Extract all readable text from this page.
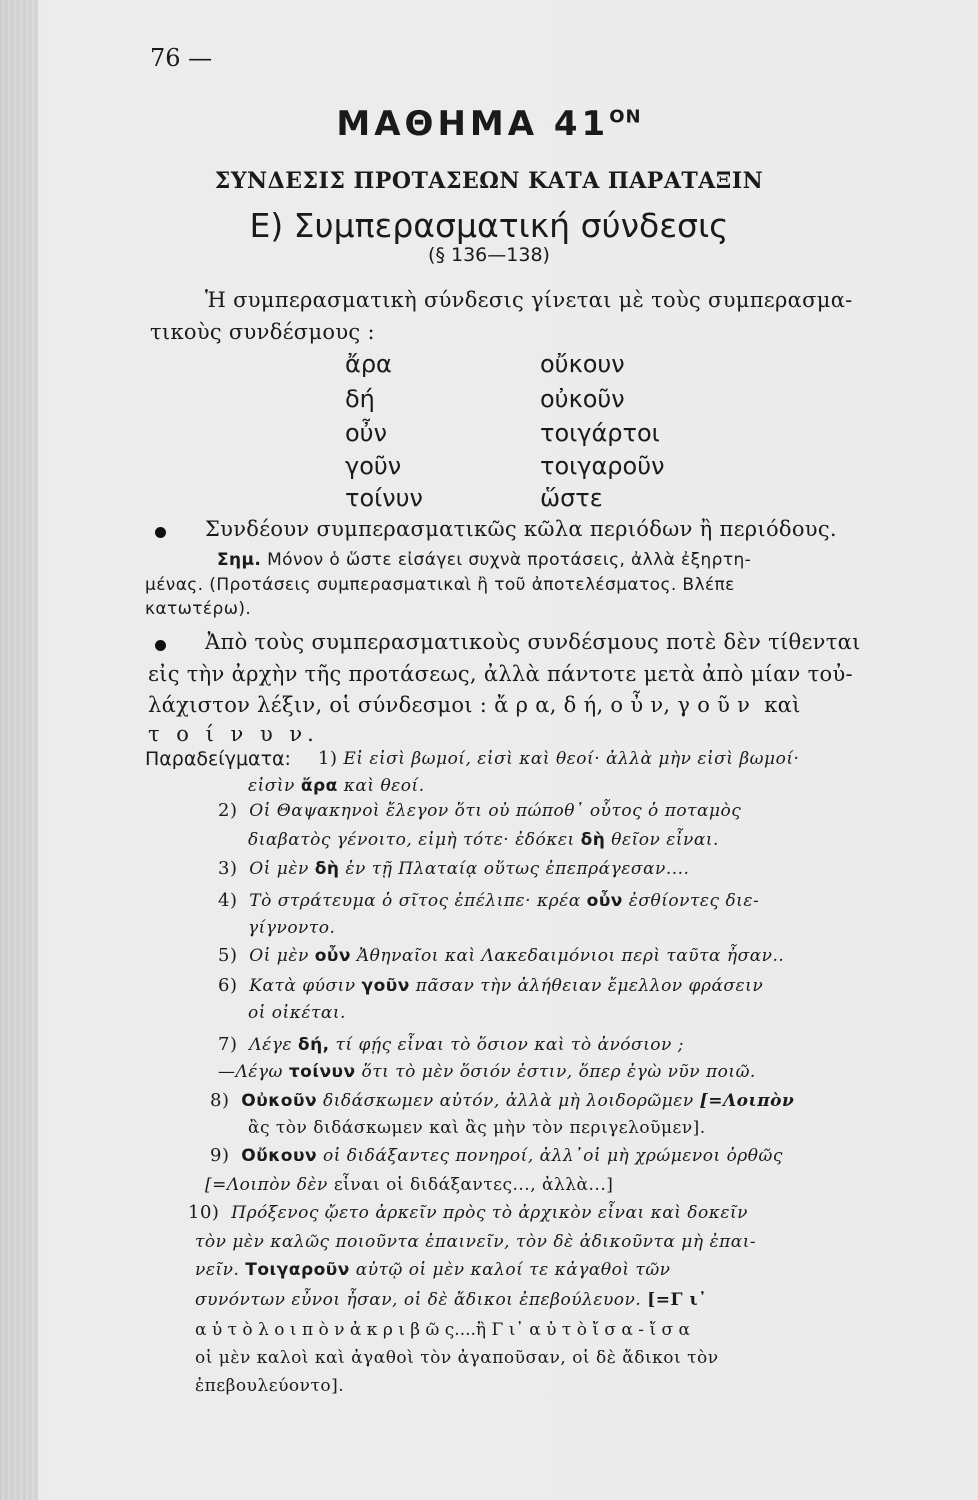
76 —
ΜΑΘΗΜΑ $41^{ON}$
ΣΥΝΔΕΣΙΣ ΠΡΟΤΑΣΕΩΝ ΚΑΤΑ ΠΑΡΑΤΑΞΙΝ
Ε) Συμπερασματική σύνδεσις
(§ 136—138)
Ἡ συμπερασματικὴ σύνδεσις γίνεται μὲ τοὺς συμπερασμα-
τικοὺς συνδέσμους :
ἄρα
δή
οὖν
γοῦν
τοίνυν
οὔκουν
οὐκοῦν
τοιγάρτοι
τοιγαροῦν
ὥστε
Συνδέουν συμπερασματικῶς κῶλα περιόδων ἢ περιόδους.
Σημ. Μόνον ὁ ὥστε εἰσάγει συχνὰ προτάσεις, ἀλλὰ ἐξηρτη-
μένας. (Προτάσεις συμπερασματικαὶ ἢ τοῦ ἀποτελέσματος. Βλέπε
κατωτέρω).
Ἀπὸ τοὺς συμπερασματικοὺς συνδέσμους ποτὲ δὲν τίθενται
εἰς τὴν ἀρχὴν τῆς προτάσεως, ἀλλὰ πάντοτε μετὰ ἀπὸ μίαν τοὐ-
λάχιστον λέξιν, οἱ σύνδεσμοι : ἄ ρ α, δ ή, ο ὖ ν, γ ο ῦ ν καὶ
τ ο ί ν υ ν.
Παραδείγματα: 1) Εἰ εἰσὶ βωμοί, εἰσὶ καὶ θεοί· ἀλλὰ μὴν εἰσὶ βωμοί·
εἰσὶν ἄρα καὶ θεοί.
2) Οἱ Θαψακηνοὶ ἔλεγον ὅτι οὐ πώποθ᾽ οὗτος ὁ ποταμὸς
διαβατὸς γένοιτο, εἰμὴ τότε· ἐδόκει δὴ θεῖον εἶναι.
3) Οἱ μὲν δὴ ἐν τῇ Πλαταίᾳ οὕτως ἐπεπράγεσαν....
4) Τὸ στράτευμα ὁ σῖτος ἐπέλιπε· κρέα οὖν ἐσθίοντες διε-
γίγνοντο.
5) Οἱ μὲν οὖν Ἀθηναῖοι καὶ Λακεδαιμόνιοι περὶ ταῦτα ἦσαν..
6) Κατὰ φύσιν γοῦν πᾶσαν τὴν ἀλήθειαν ἔμελλον φράσειν
οἱ οἰκέται.
7) Λέγε δή, τί φῄς εἶναι τὸ ὅσιον καὶ τὸ ἀνόσιον ;
—Λέγω τοίνυν ὅτι τὸ μὲν ὅσιόν ἐστιν, ὅπερ ἐγὼ νῦν ποιῶ.
8) Οὐκοῦν διδάσκωμεν αὐτόν, ἀλλὰ μὴ λοιδορῶμεν [=Λοιπὸν
ἂς τὸν διδάσκωμεν καὶ ἂς μὴν τὸν περιγελοῦμεν].
9) Οὔκουν οἱ διδάξαντες πονηροί, ἀλλ᾽οἱ μὴ χρώμενοι ὀρθῶς
[=Λοιπὸν δὲν εἶναι οἱ διδάξαντες..., ἀλλὰ...]
10) Πρόξενος ᾤετο ἀρκεῖν πρὸς τὸ ἀρχικὸν εἶναι καὶ δοκεῖν
τὸν μὲν καλῶς ποιοῦντα ἐπαινεῖν, τὸν δὲ ἀδικοῦντα μὴ ἐπαι-
νεῖν. Τοιγαροῦν αὐτῷ οἱ μὲν καλοί τε κἀγαθοὶ τῶν
συνόντων εὖνοι ἦσαν, οἱ δὲ ἄδικοι ἐπεβούλευον. [=Γ ι᾽
α ὐ τ ὸ λ ο ι π ὸ ν ἀ κ ρ ι β ῶ ς....ἢ Γ ι᾽ α ὐ τ ὸ ἴ σ α - ἴ σ α
οἱ μὲν καλοὶ καὶ ἀγαθοὶ τὸν ἀγαποῦσαν, οἱ δὲ ἄδικοι τὸν
ἐπεβουλεύοντο].
